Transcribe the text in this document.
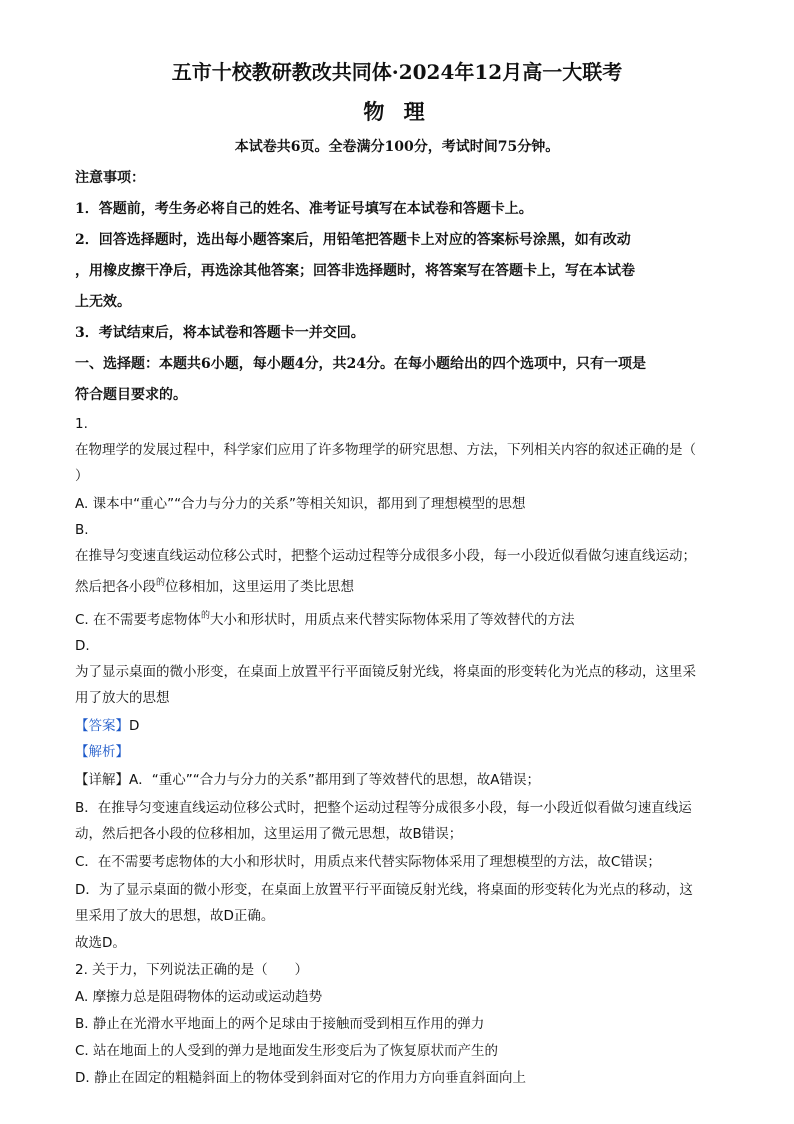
五市十校教研教改共同体·2024年12月高一大联考
物 理
本试卷共6页。全卷满分100分，考试时间75分钟。
注意事项：
1．答题前，考生务必将自己的姓名、准考证号填写在本试卷和答题卡上。
2．回答选择题时，选出每小题答案后，用铅笔把答题卡上对应的答案标号涂黑，如有改动
，用橡皮擦干净后，再选涂其他答案；回答非选择题时，将答案写在答题卡上，写在本试卷
上无效。
3．考试结束后，将本试卷和答题卡一并交回。
一、选择题：本题共6小题，每小题4分，共24分。在每小题给出的四个选项中，只有一项是
符合题目要求的。
1.
在物理学的发展过程中，科学家们应用了许多物理学的研究思想、方法，下列相关内容的叙述正确的是（
）
A. 课本中“重心”“合力与分力的关系”等相关知识，都用到了理想模型的思想
B.
在推导匀变速直线运动位移公式时，把整个运动过程等分成很多小段，每一小段近似看做匀速直线运动；
然后把各小段$^的$位移相加，这里运用了类比思想
C. 在不需要考虑物体$^的$大小和形状时，用质点来代替实际物体采用了等效替代的方法
D.
为了显示桌面的微小形变，在桌面上放置平行平面镜反射光线，将桌面的形变转化为光点的移动，这里采
用了放大的思想
【答案】D
【解析】
【详解】A．“重心”“合力与分力的关系”都用到了等效替代的思想，故A错误；
B．在推导匀变速直线运动位移公式时，把整个运动过程等分成很多小段，每一小段近似看做匀速直线运
动，然后把各小段的位移相加，这里运用了微元思想，故B错误；
C．在不需要考虑物体的大小和形状时，用质点来代替实际物体采用了理想模型的方法，故C错误；
D．为了显示桌面的微小形变，在桌面上放置平行平面镜反射光线，将桌面的形变转化为光点的移动，这
里采用了放大的思想，故D正确。
故选D。
2. 关于力，下列说法正确的是（　　）
A. 摩擦力总是阻碍物体的运动或运动趋势
B. 静止在光滑水平地面上的两个足球由于接触而受到相互作用的弹力
C. 站在地面上的人受到的弹力是地面发生形变后为了恢复原状而产生的
D. 静止在固定的粗糙斜面上的物体受到斜面对它的作用力方向垂直斜面向上
